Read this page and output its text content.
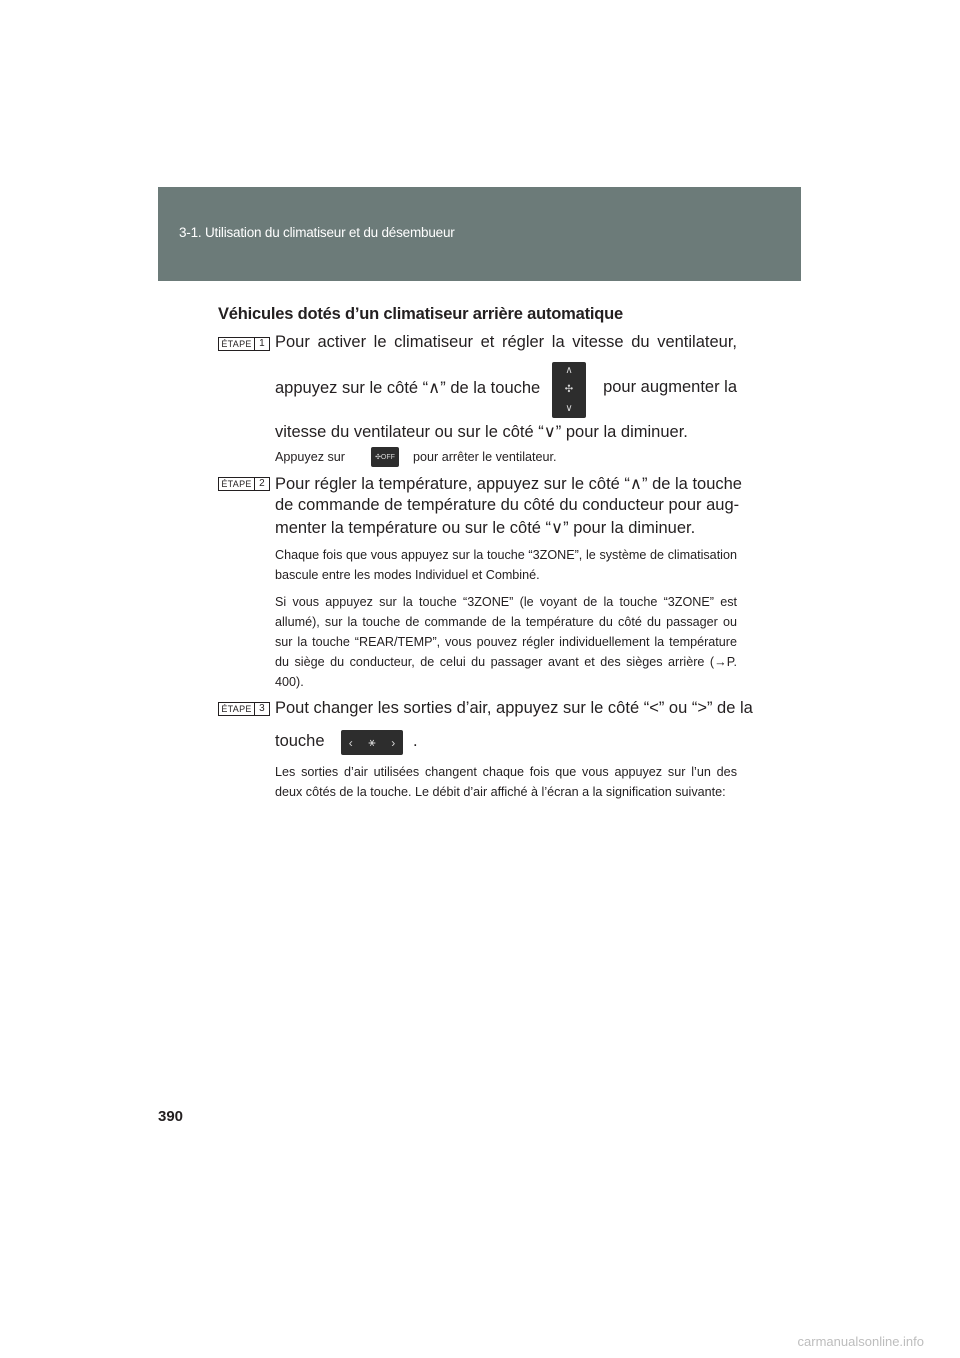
3-1. Utilisation du climatiseur et du désembueur
Véhicules dotés d’un climatiseur arrière automatique
ÉTAPE 1 Pour activer le climatiseur et régler la vitesse du ventilateur,
appuyez sur le côté “∧” de la touche	pour augmenter la
∧
✣
∨
vitesse du ventilateur ou sur le côté “∨” pour la diminuer.
Appuyez sur	✣OFF	pour arrêter le ventilateur.
ÉTAPE 2 Pour régler la température, appuyez sur le côté “∧” de la touche
de commande de température du côté du conducteur pour aug-
menter la température ou sur le côté “∨” pour la diminuer.
Chaque fois que vous appuyez sur la touche “3ZONE”, le système de climatisation bascule entre les modes Individuel et Combiné.
Si vous appuyez sur la touche “3ZONE” (le voyant de la touche “3ZONE” est allumé), sur la touche de commande de la température du côté du passager ou sur la touche “REAR/TEMP”, vous pouvez régler individuellement la température du siège du conducteur, de celui du passager avant et des sièges arrière (→P. 400).
ÉTAPE 3 Pout changer les sorties d’air, appuyez sur le côté “<” ou “>” de la
touche	‹ ⚹ › .
Les sorties d’air utilisées changent chaque fois que vous appuyez sur l’un des deux côtés de la touche. Le débit d’air affiché à l’écran a la signification suivante:
390
carmanualsonline.info
